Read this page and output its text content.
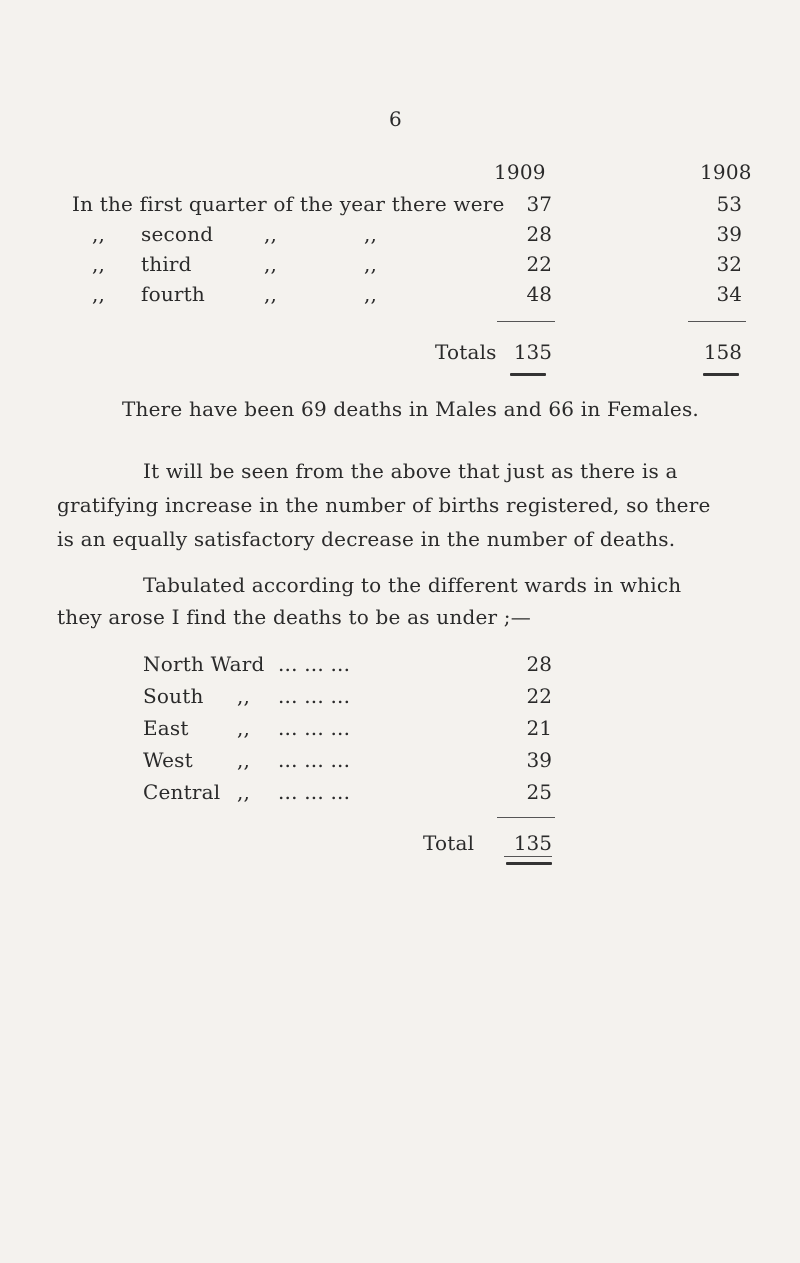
6
1909	1908
In the first quarter of the year there were	37	53
,, second	,,	,,	28	39
,, third	,,	,,	22	32
,, fourth	,,	,,	48	34
Totals 135	158
There have been 69 deaths in Males and 66 in Females.
It will be seen from the above that just as there is a
gratifying increase in the number of births registered, so there
is an equally satisfactory decrease in the number of deaths.
Tabulated according to the different wards in which
they arose I find the deaths to be as under ;—
North Ward ... ... ...	28
South ,, ... ... ...	22
East ,, ... ... ...	21
West ,, ... ... ...	39
Central ,, ... ... ...	25
Total	135
